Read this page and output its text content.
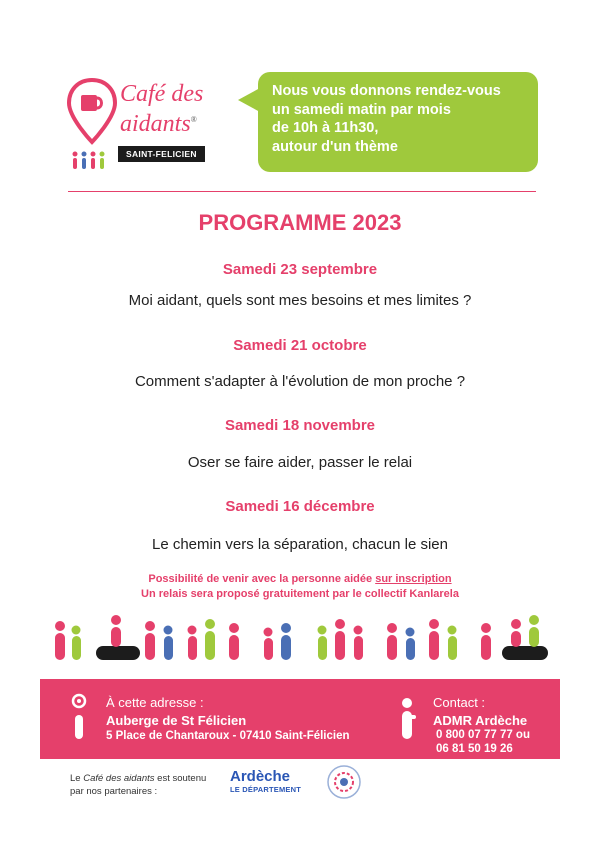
Café des
aidants®
SAINT-FELICIEN
Nous vous donnons rendez-vous
un samedi matin par mois
de 10h à 11h30,
autour d'un thème
PROGRAMME 2023
Samedi 23 septembre
Moi aidant, quels sont mes besoins et mes limites ?
Samedi 21 octobre
Comment s'adapter à l'évolution de mon proche ?
Samedi 18 novembre
Oser se faire aider, passer le relai
Samedi 16 décembre
Le chemin vers la séparation, chacun le sien
Possibilité de venir avec la personne aidée sur inscription
Un relais sera proposé gratuitement par le collectif Kanlarela
À cette adresse :
Auberge de St Félicien
5 Place de Chantaroux - 07410 Saint-Félicien
Contact :
ADMR Ardèche
0 800 07 77 77 ou
06 81 50 19 26
Le Café des aidants est soutenu
par nos partenaires :
Ardèche
LE DÉPARTEMENT
